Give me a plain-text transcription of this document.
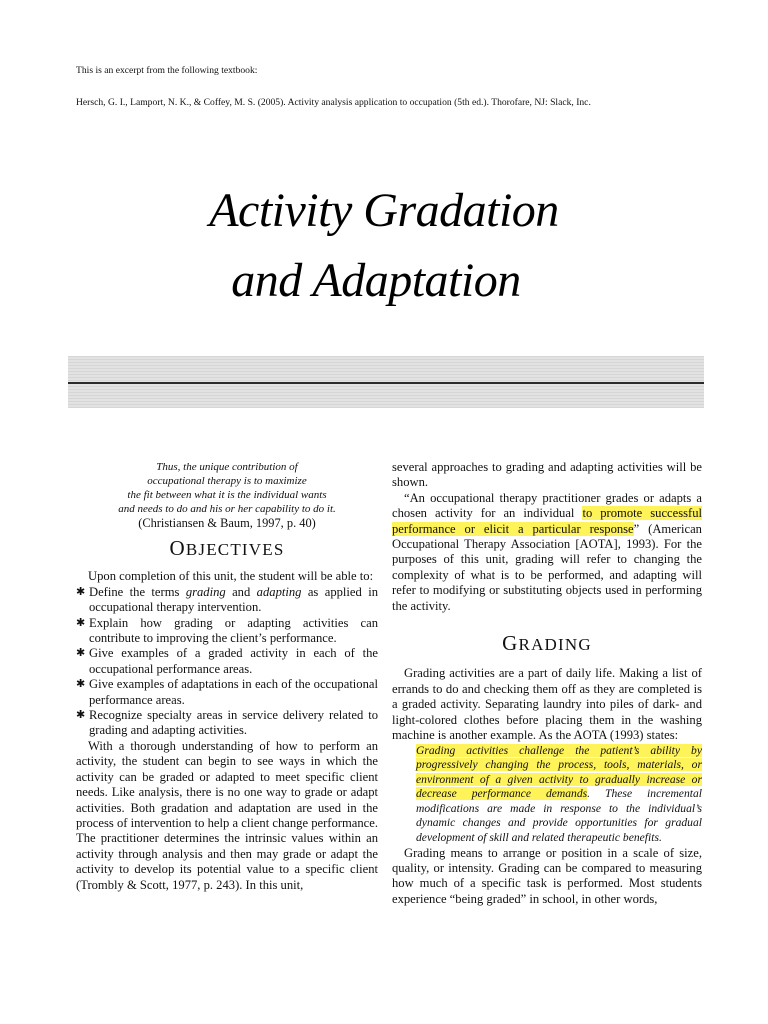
This is an excerpt from the following textbook:
Hersch, G. I., Lamport, N. K., & Coffey, M. S. (2005). Activity analysis application to occupation (5th ed.). Thorofare, NJ: Slack, Inc.
Activity Gradation
and Adaptation
Thus, the unique contribution of
occupational therapy is to maximize
the fit between what it is the individual wants
and needs to do and his or her capability to do it.
(Christiansen & Baum, 1997, p. 40)
OBJECTIVES

Upon completion of this unit, the student will be able to:

✱ Define the terms grading and adapting as applied in occupational therapy intervention.
✱ Explain how grading or adapting activities can contribute to improving the client’s performance.
✱ Give examples of a graded activity in each of the occupational performance areas.
✱ Give examples of adaptations in each of the occupational performance areas.
✱ Recognize specialty areas in service delivery related to grading and adapting activities.

With a thorough understanding of how to perform an activity, the student can begin to see ways in which the activity can be graded or adapted to meet specific client needs. Like analysis, there is no one way to grade or adapt activities. Both gradation and adaptation are used in the process of intervention to help a client change performance. The practitioner determines the intrinsic values within an activity through analysis and then may grade or adapt the activity to develop its potential value to a specific client (Trombly & Scott, 1977, p. 243). In this unit,

several approaches to grading and adapting activities will be shown.

“An occupational therapy practitioner grades or adapts a chosen activity for an individual to promote successful performance or elicit a particular response” (American Occupational Therapy Association [AOTA], 1993). For the purposes of this unit, grading will refer to changing the complexity of what is to be performed, and adapting will refer to modifying or substituting objects used in performing the activity.

GRADING

Grading activities are a part of daily life. Making a list of errands to do and checking them off as they are completed is a graded activity. Separating laundry into piles of dark- and light-colored clothes before placing them in the washing machine is another example. As the AOTA (1993) states:

Grading activities challenge the patient’s ability by progressively changing the process, tools, materials, or environment of a given activity to gradually increase or decrease performance demands. These incremental modifications are made in response to the individual’s dynamic changes and provide opportunities for gradual development of skill and related therapeutic benefits.

Grading means to arrange or position in a scale of size, quality, or intensity. Grading can be compared to measuring how much of a specific task is performed. Most students experience “being graded” in school, in other words,
